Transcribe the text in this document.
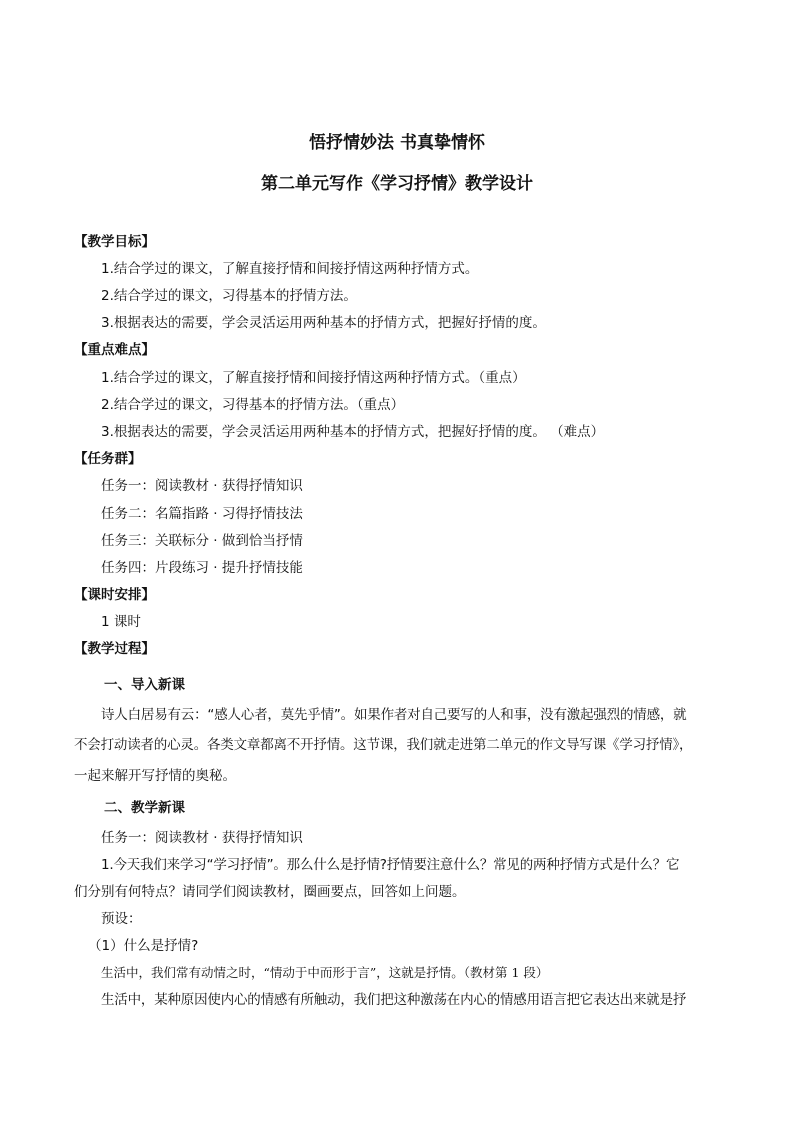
悟抒情妙法 书真挚情怀
第二单元写作《学习抒情》教学设计
【教学目标】
1.结合学过的课文，了解直接抒情和间接抒情这两种抒情方式。
2.结合学过的课文，习得基本的抒情方法。
3.根据表达的需要，学会灵活运用两种基本的抒情方式，把握好抒情的度。
【重点难点】
1.结合学过的课文，了解直接抒情和间接抒情这两种抒情方式。（重点）
2.结合学过的课文，习得基本的抒情方法。（重点）
3.根据表达的需要，学会灵活运用两种基本的抒情方式，把握好抒情的度。 （难点）
【任务群】
任务一：阅读教材 · 获得抒情知识
任务二：名篇指路 · 习得抒情技法
任务三：关联标分 · 做到恰当抒情
任务四：片段练习 · 提升抒情技能
【课时安排】
1 课时
【教学过程】
一、导入新课
诗人白居易有云：“感人心者，莫先乎情”。如果作者对自己要写的人和事，没有激起强烈的情感，就
不会打动读者的心灵。各类文章都离不开抒情。这节课，我们就走进第二单元的作文导写课《学习抒情》，
一起来解开写抒情的奥秘。
二、教学新课
任务一：阅读教材 · 获得抒情知识
1.今天我们来学习“学习抒情”。那么什么是抒情?抒情要注意什么？常见的两种抒情方式是什么？它
们分别有何特点？请同学们阅读教材，圈画要点，回答如上问题。
预设：
（1）什么是抒情?
生活中，我们常有动情之时，“情动于中而形于言”，这就是抒情。（教材第 1 段）
生活中，某种原因使内心的情感有所触动，我们把这种激荡在内心的情感用语言把它表达出来就是抒
